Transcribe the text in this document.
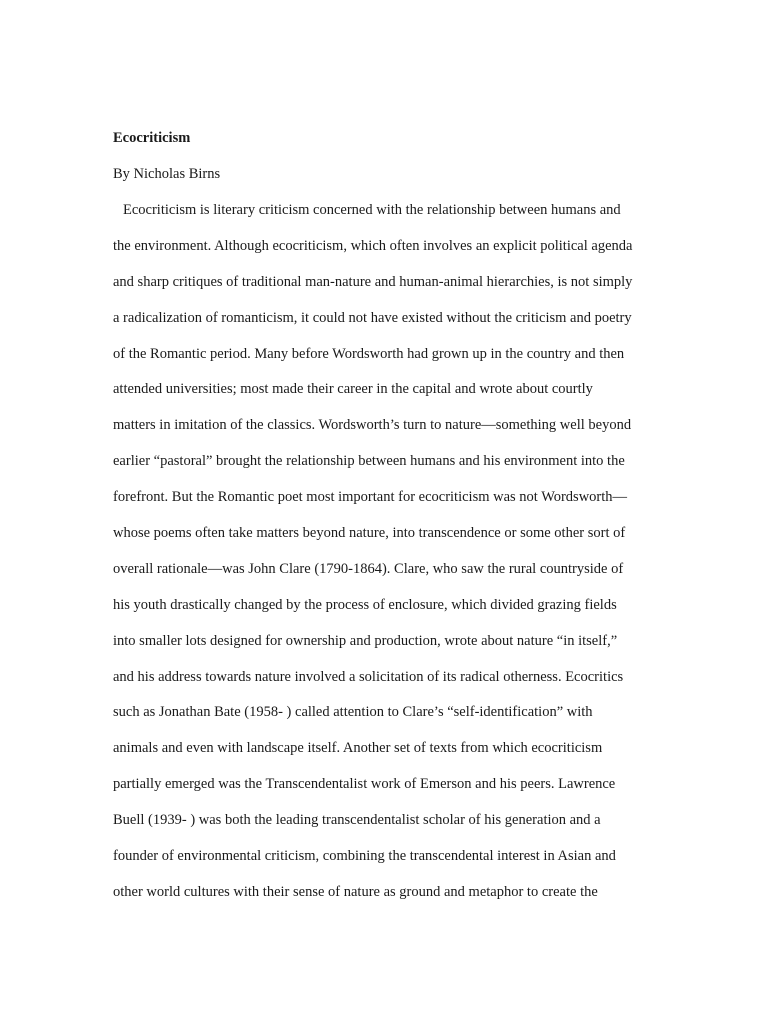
Ecocriticism
By Nicholas Birns
Ecocriticism is literary criticism concerned with the relationship between humans and
the environment. Although ecocriticism, which often involves an explicit political agenda
and sharp critiques of traditional man-nature and human-animal hierarchies, is not simply
a radicalization of romanticism, it could not have existed without the criticism and poetry
of the Romantic period. Many before Wordsworth had grown up in the country and then
attended universities; most made their career in the capital and wrote about courtly
matters in imitation of the classics. Wordsworth’s turn to nature—something well beyond
earlier “pastoral” brought the relationship between humans and his environment into the
forefront. But the Romantic poet most important for ecocriticism was not Wordsworth—
whose poems often take matters beyond nature, into transcendence or some other sort of
overall rationale—was John Clare (1790-1864). Clare, who saw the rural countryside of
his youth drastically changed by the process of enclosure, which divided grazing fields
into smaller lots designed for ownership and production, wrote about nature “in itself,”
and his address towards nature involved a solicitation of its radical otherness. Ecocritics
such as Jonathan Bate (1958- ) called attention to Clare’s “self-identification” with
animals and even with landscape itself. Another set of texts from which ecocriticism
partially emerged was the Transcendentalist work of Emerson and his peers. Lawrence
Buell (1939- ) was both the leading transcendentalist scholar of his generation and a
founder of environmental criticism, combining the transcendental interest in Asian and
other world cultures with their sense of nature as ground and metaphor to create the
